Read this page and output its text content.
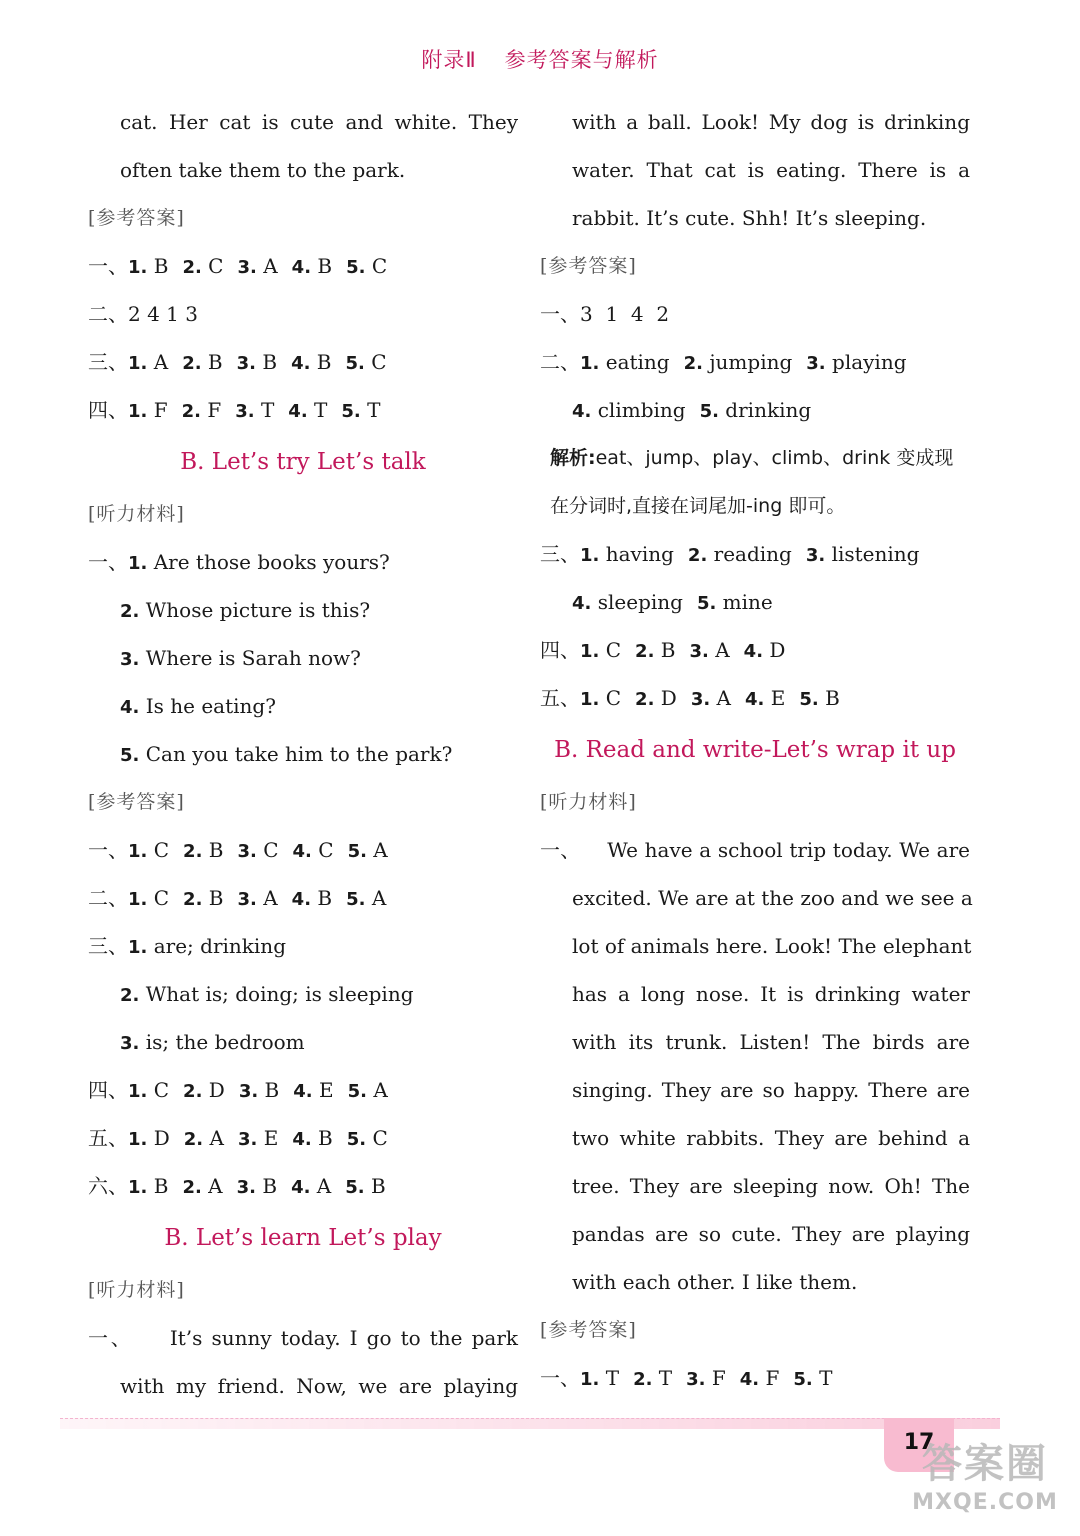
附录Ⅱ 参考答案与解析
cat. Her cat is cute and white. They
often take them to the park.
[参考答案]
一、1. B 2. C 3. A 4. B 5. C
二、2 4 1 3
三、1. A 2. B 3. B 4. B 5. C
四、1. F 2. F 3. T 4. T 5. T
B. Let’s try Let’s talk
[听力材料]
一、1. Are those books yours?
2. Whose picture is this?
3. Where is Sarah now?
4. Is he eating?
5. Can you take him to the park?
[参考答案]
一、1. C 2. B 3. C 4. C 5. A
二、1. C 2. B 3. A 4. B 5. A
三、1. are; drinking
2. What is; doing; is sleeping
3. is; the bedroom
四、1. C 2. D 3. B 4. E 5. A
五、1. D 2. A 3. E 4. B 5. C
六、1. B 2. A 3. B 4. A 5. B
B. Let’s learn Let’s play
[听力材料]
一、 It’s sunny today. I go to the park
with my friend. Now, we are playing
with a ball. Look! My dog is drinking
water. That cat is eating. There is a
rabbit. It’s cute. Shh! It’s sleeping.
[参考答案]
一、3  1  4  2
二、1. eating 2. jumping 3. playing
4. climbing 5. drinking
解析:eat、jump、play、climb、drink 变成现在分词时,直接在词尾加-ing 即可。
三、1. having 2. reading 3. listening
4. sleeping 5. mine
四、1. C 2. B 3. A 4. D
五、1. C 2. D 3. A 4. E 5. B
B. Read and write-Let’s wrap it up
[听力材料]
一、 We have a school trip today. We are
excited. We are at the zoo and we see a
lot of animals here. Look! The elephant
has a long nose. It is drinking water
with its trunk. Listen! The birds are
singing. They are so happy. There are
two white rabbits. They are behind a
tree. They are sleeping now. Oh! The
pandas are so cute. They are playing
with each other. I like them.
[参考答案]
一、1. T 2. T 3. F 4. F 5. T
17
答案圈
MXQE.COM
